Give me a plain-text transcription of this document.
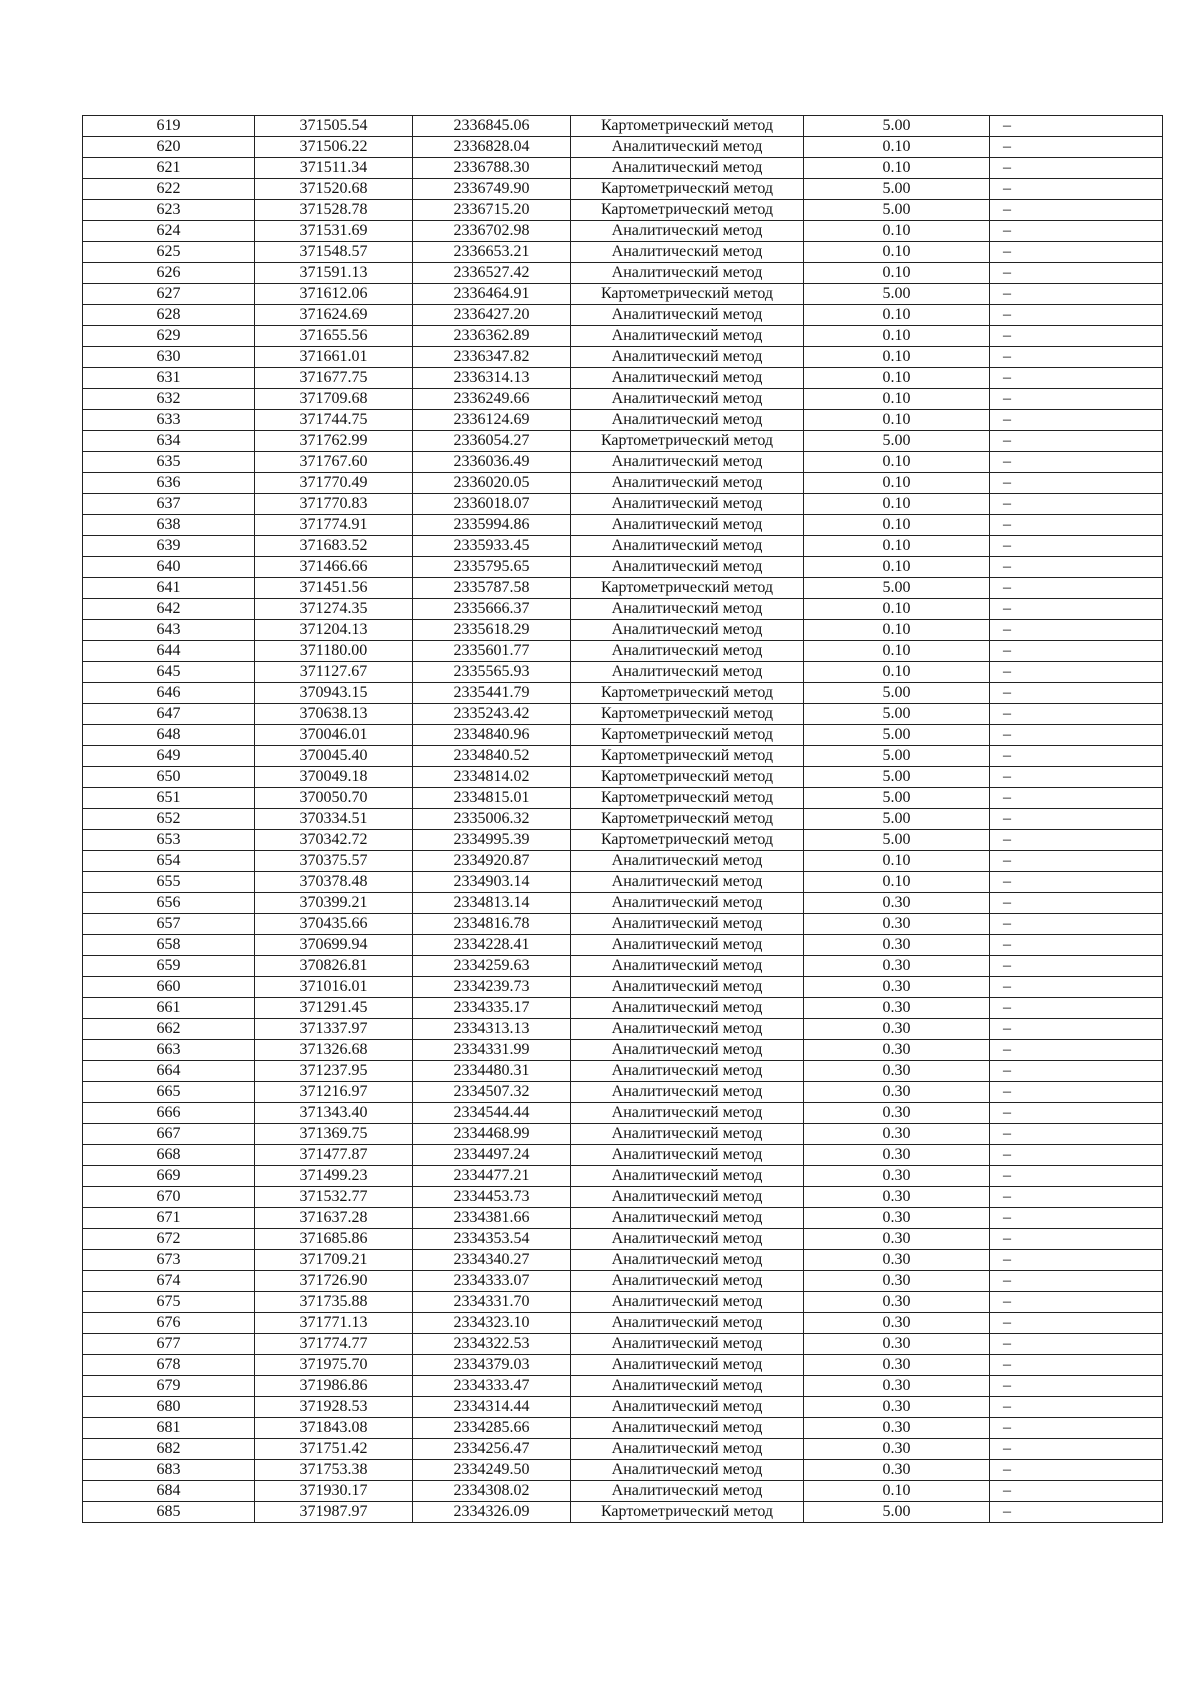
619	371505.54	2336845.06	Картометрический метод	5.00	–
620	371506.22	2336828.04	Аналитический метод	0.10	–
621	371511.34	2336788.30	Аналитический метод	0.10	–
622	371520.68	2336749.90	Картометрический метод	5.00	–
623	371528.78	2336715.20	Картометрический метод	5.00	–
624	371531.69	2336702.98	Аналитический метод	0.10	–
625	371548.57	2336653.21	Аналитический метод	0.10	–
626	371591.13	2336527.42	Аналитический метод	0.10	–
627	371612.06	2336464.91	Картометрический метод	5.00	–
628	371624.69	2336427.20	Аналитический метод	0.10	–
629	371655.56	2336362.89	Аналитический метод	0.10	–
630	371661.01	2336347.82	Аналитический метод	0.10	–
631	371677.75	2336314.13	Аналитический метод	0.10	–
632	371709.68	2336249.66	Аналитический метод	0.10	–
633	371744.75	2336124.69	Аналитический метод	0.10	–
634	371762.99	2336054.27	Картометрический метод	5.00	–
635	371767.60	2336036.49	Аналитический метод	0.10	–
636	371770.49	2336020.05	Аналитический метод	0.10	–
637	371770.83	2336018.07	Аналитический метод	0.10	–
638	371774.91	2335994.86	Аналитический метод	0.10	–
639	371683.52	2335933.45	Аналитический метод	0.10	–
640	371466.66	2335795.65	Аналитический метод	0.10	–
641	371451.56	2335787.58	Картометрический метод	5.00	–
642	371274.35	2335666.37	Аналитический метод	0.10	–
643	371204.13	2335618.29	Аналитический метод	0.10	–
644	371180.00	2335601.77	Аналитический метод	0.10	–
645	371127.67	2335565.93	Аналитический метод	0.10	–
646	370943.15	2335441.79	Картометрический метод	5.00	–
647	370638.13	2335243.42	Картометрический метод	5.00	–
648	370046.01	2334840.96	Картометрический метод	5.00	–
649	370045.40	2334840.52	Картометрический метод	5.00	–
650	370049.18	2334814.02	Картометрический метод	5.00	–
651	370050.70	2334815.01	Картометрический метод	5.00	–
652	370334.51	2335006.32	Картометрический метод	5.00	–
653	370342.72	2334995.39	Картометрический метод	5.00	–
654	370375.57	2334920.87	Аналитический метод	0.10	–
655	370378.48	2334903.14	Аналитический метод	0.10	–
656	370399.21	2334813.14	Аналитический метод	0.30	–
657	370435.66	2334816.78	Аналитический метод	0.30	–
658	370699.94	2334228.41	Аналитический метод	0.30	–
659	370826.81	2334259.63	Аналитический метод	0.30	–
660	371016.01	2334239.73	Аналитический метод	0.30	–
661	371291.45	2334335.17	Аналитический метод	0.30	–
662	371337.97	2334313.13	Аналитический метод	0.30	–
663	371326.68	2334331.99	Аналитический метод	0.30	–
664	371237.95	2334480.31	Аналитический метод	0.30	–
665	371216.97	2334507.32	Аналитический метод	0.30	–
666	371343.40	2334544.44	Аналитический метод	0.30	–
667	371369.75	2334468.99	Аналитический метод	0.30	–
668	371477.87	2334497.24	Аналитический метод	0.30	–
669	371499.23	2334477.21	Аналитический метод	0.30	–
670	371532.77	2334453.73	Аналитический метод	0.30	–
671	371637.28	2334381.66	Аналитический метод	0.30	–
672	371685.86	2334353.54	Аналитический метод	0.30	–
673	371709.21	2334340.27	Аналитический метод	0.30	–
674	371726.90	2334333.07	Аналитический метод	0.30	–
675	371735.88	2334331.70	Аналитический метод	0.30	–
676	371771.13	2334323.10	Аналитический метод	0.30	–
677	371774.77	2334322.53	Аналитический метод	0.30	–
678	371975.70	2334379.03	Аналитический метод	0.30	–
679	371986.86	2334333.47	Аналитический метод	0.30	–
680	371928.53	2334314.44	Аналитический метод	0.30	–
681	371843.08	2334285.66	Аналитический метод	0.30	–
682	371751.42	2334256.47	Аналитический метод	0.30	–
683	371753.38	2334249.50	Аналитический метод	0.30	–
684	371930.17	2334308.02	Аналитический метод	0.10	–
685	371987.97	2334326.09	Картометрический метод	5.00	–
